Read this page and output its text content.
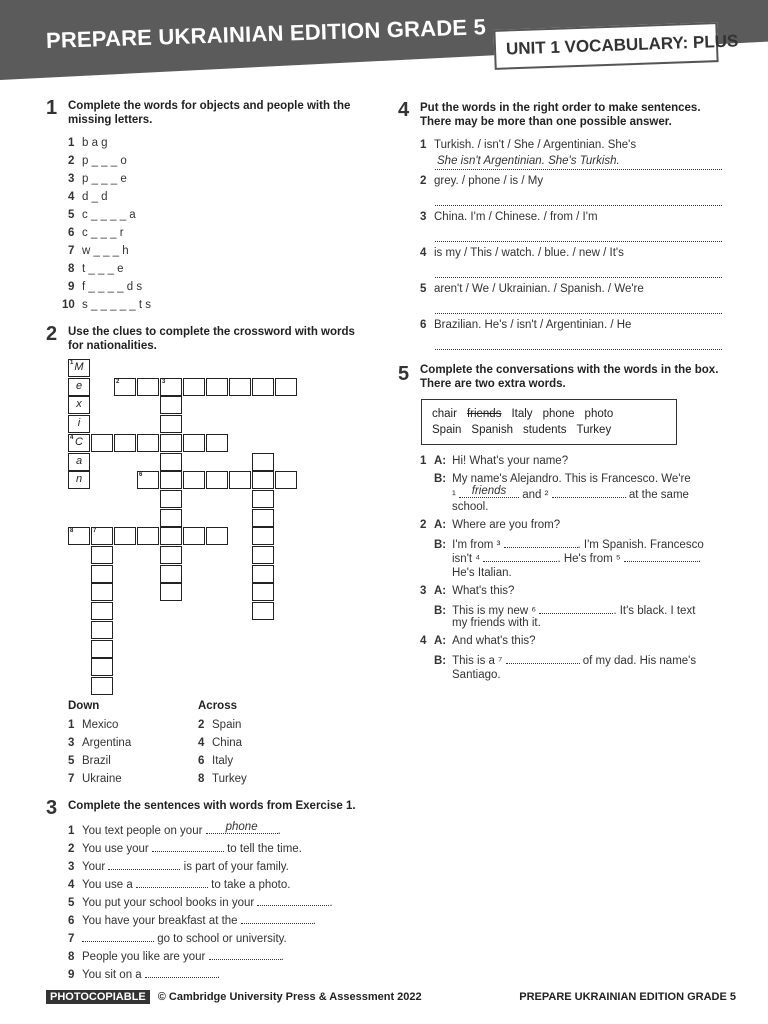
PREPARE UKRAINIAN EDITION GRADE 5 UNIT 1 VOCABULARY: PLUS
1 Complete the words for objects and people with the missing letters.
1 b a g
2 p _ _ _ o
3 p _ _ _ e
4 d _ d
5 c _ _ _ _ a
6 c _ _ _ r
7 w _ _ _ h
8 t _ _ _ e
9 f _ _ _ _ d s
10 s _ _ _ _ _ t s
2 Use the clues to complete the crossword with words for nationalities.
1 M
e
x
i
4 C
a
n
2	3
6
8	7
Down	Across
1 Mexico
3 Argentina
5 Brazil
7 Ukraine
2 Spain
4 China
6 Italy
8 Turkey
3 Complete the sentences with words from Exercise 1.
1 You text people on your	phone	.
2 You use your	to tell the time.
3 Your	is part of your family.
4 You use a	to take a photo.
5 You put your school books in your	.
6 You have your breakfast at the	.
7	go to school or university.
8 People you like are your	.
9 You sit on a	.
4 Put the words in the right order to make sentences. There may be more than one possible answer.
1 Turkish. / isn't / She / Argentinian. She's
She isn't Argentinian. She's Turkish.
2 grey. / phone / is / My
3 China. I'm / Chinese. / from / I'm
4 is my / This / watch. / blue. / new / It's
5 aren't / We / Ukrainian. / Spanish. / We're
6 Brazilian. He's / isn't / Argentinian. / He
5 Complete the conversations with the words in the box. There are two extra words.
chair friends Italy phone photo
Spain Spanish students Turkey
1 A: Hi! What's your name?
B: My name's Alejandro. This is Francesco. We're
¹	friends	and ²	at the same
school.
2 A: Where are you from?
B: I'm from ³	. I'm Spanish. Francesco
isn't ⁴	. He's from ⁵	.
He's Italian.
3 A: What's this?
B: This is my new ⁶	. It's black. I text
my friends with it.
4 A: And what's this?
B: This is a ⁷	of my dad. His name's
Santiago.
PHOTOCOPIABLE © Cambridge University Press & Assessment 2022	PREPARE UKRAINIAN EDITION GRADE 5
